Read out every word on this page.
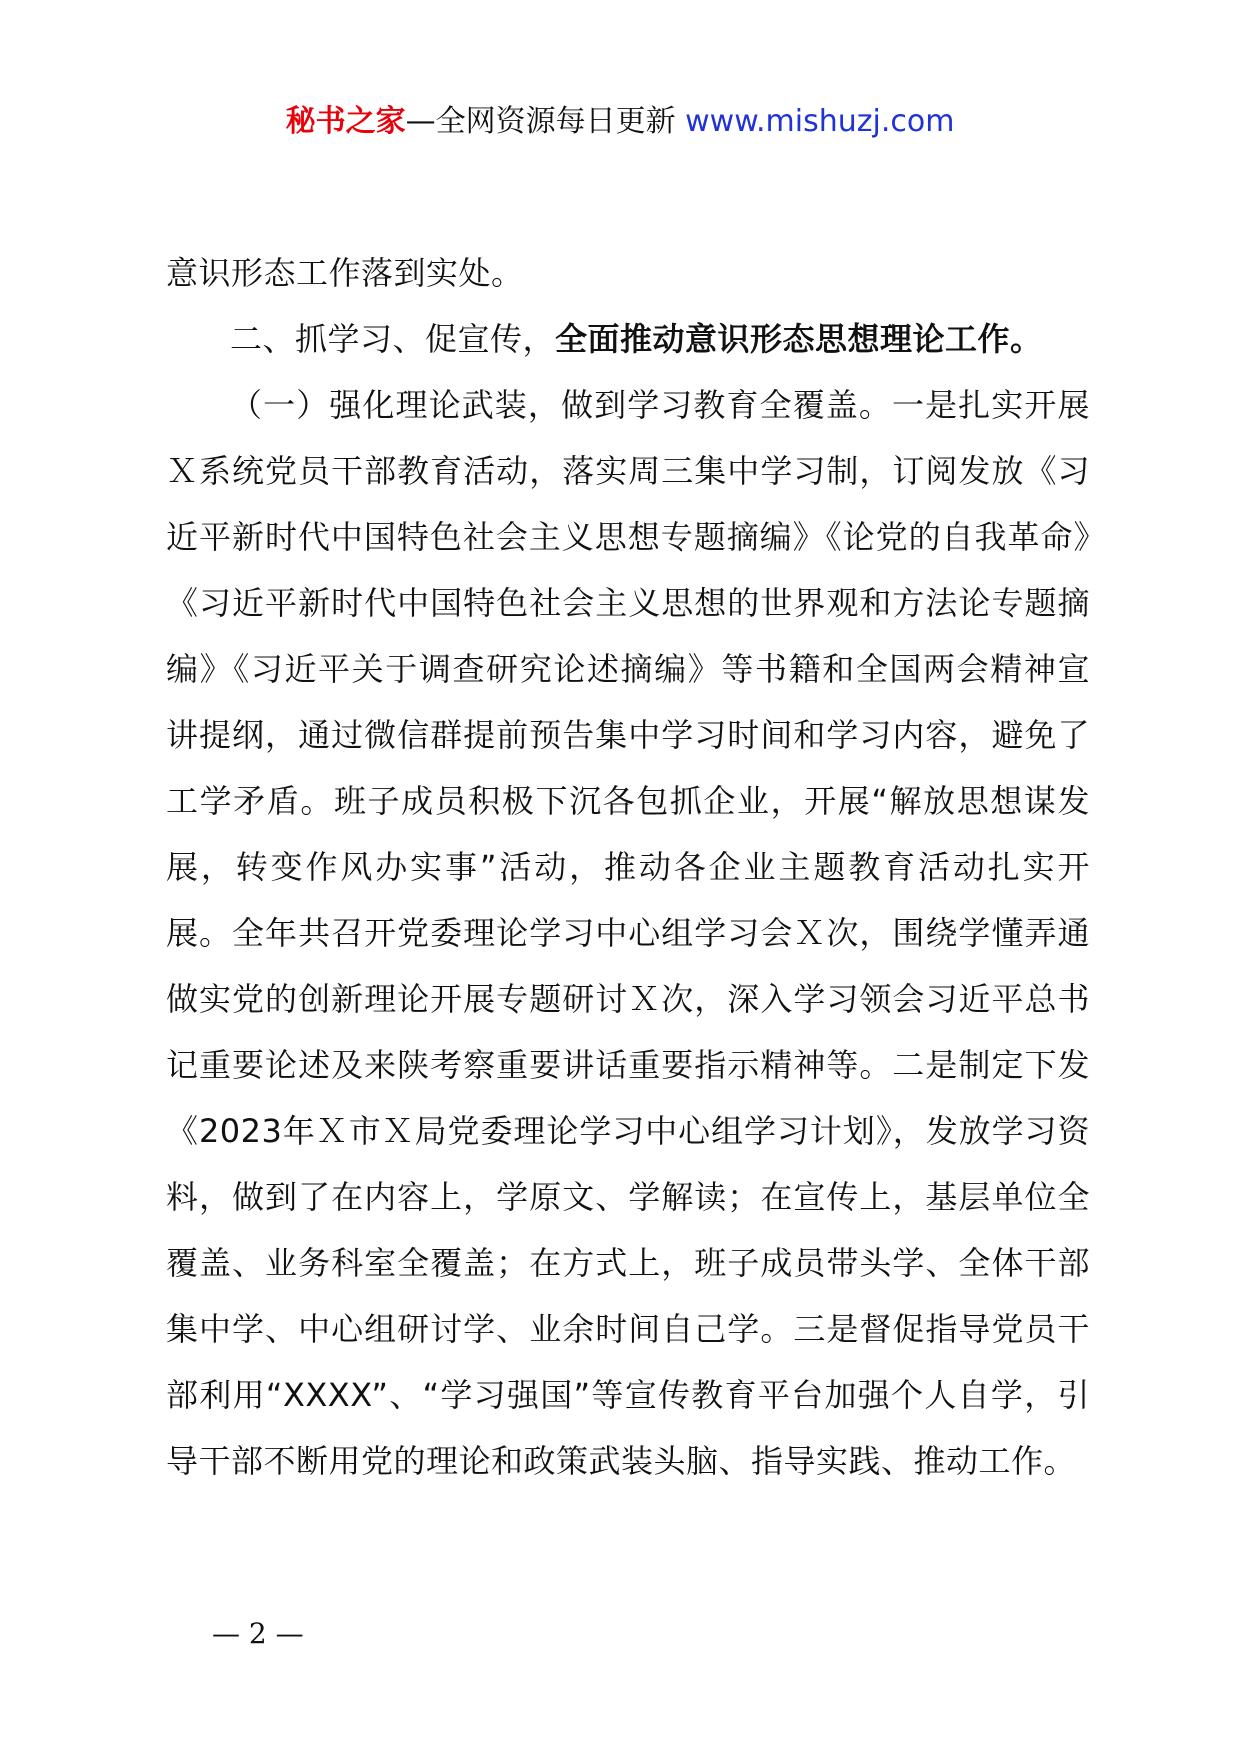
秘书之家—全网资源每日更新 www.mishuzj.com

意识形态工作落到实处。

二、抓学习、促宣传，全面推动意识形态思想理论工作。

（一）强化理论武装，做到学习教育全覆盖。一是扎实开展Ｘ系统党员干部教育活动，落实周三集中学习制，订阅发放《习近平新时代中国特色社会主义思想专题摘编》《论党的自我革命》《习近平新时代中国特色社会主义思想的世界观和方法论专题摘编》《习近平关于调查研究论述摘编》等书籍和全国两会精神宣讲提纲，通过微信群提前预告集中学习时间和学习内容，避免了工学矛盾。班子成员积极下沉各包抓企业，开展“解放思想谋发展，转变作风办实事”活动，推动各企业主题教育活动扎实开展。全年共召开党委理论学习中心组学习会Ｘ次，围绕学懂弄通做实党的创新理论开展专题研讨Ｘ次，深入学习领会习近平总书记重要论述及来陕考察重要讲话重要指示精神等。二是制定下发《2023年Ｘ市Ｘ局党委理论学习中心组学习计划》，发放学习资料，做到了在内容上，学原文、学解读；在宣传上，基层单位全覆盖、业务科室全覆盖；在方式上，班子成员带头学、全体干部集中学、中心组研讨学、业余时间自己学。三是督促指导党员干部利用“XXXX”、“学习强国”等宣传教育平台加强个人自学，引导干部不断用党的理论和政策武装头脑、指导实践、推动工作。

— 2 —
